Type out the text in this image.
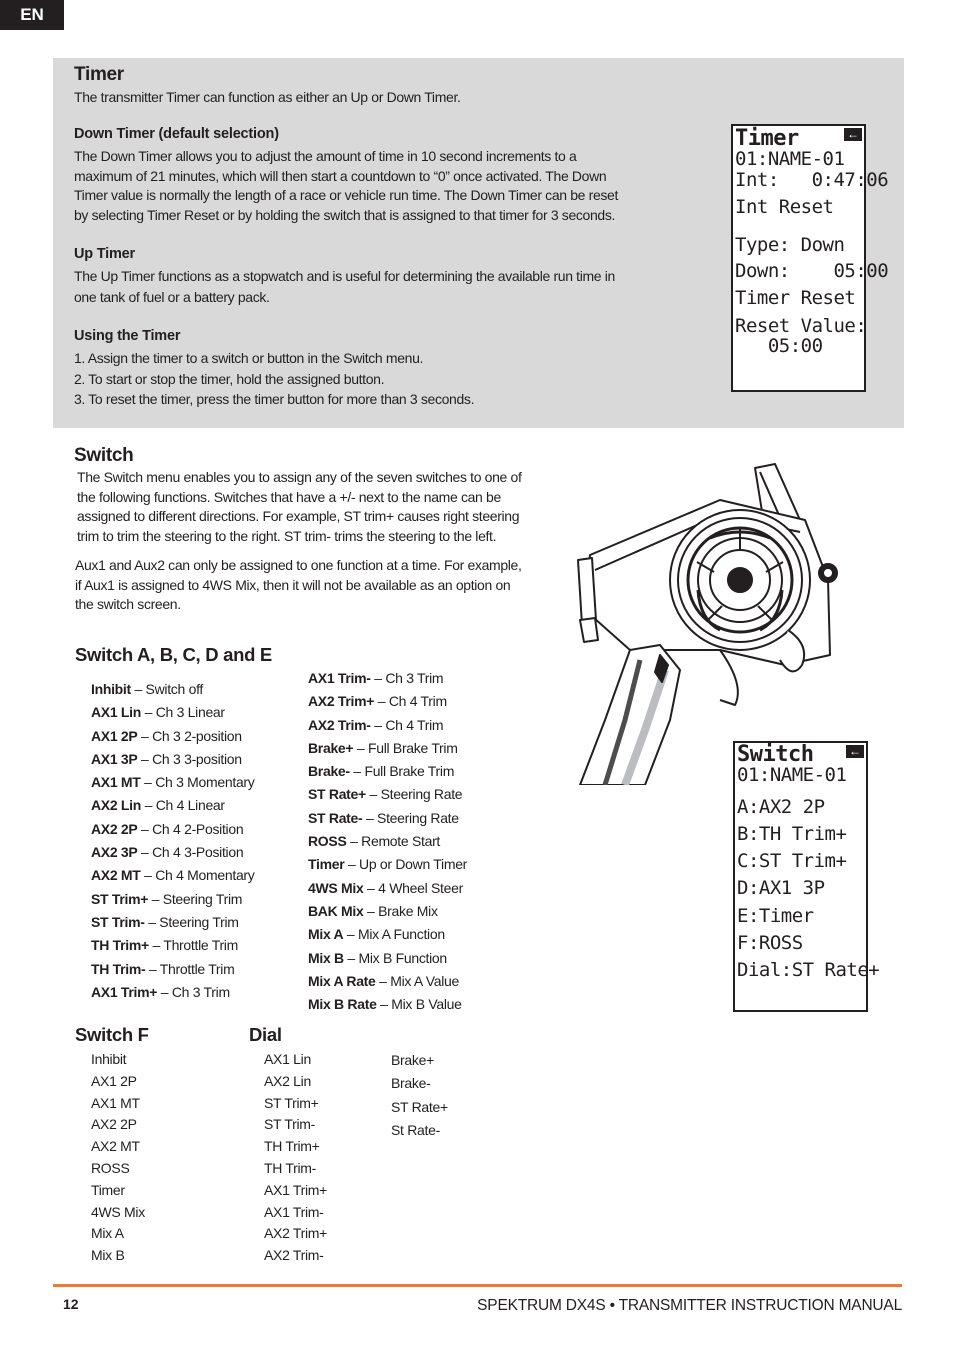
EN
Timer

The transmitter Timer can function as either an Up or Down Timer.

Down Timer (default selection)

The Down Timer allows you to adjust the amount of time in 10 second increments to a

maximum of 21 minutes, which will then start a countdown to “0” once activated. The Down

Timer value is normally the length of a race or vehicle run time. The Down Timer can be reset

by selecting Timer Reset or by holding the switch that is assigned to that timer for 3 seconds.

Up Timer

The Up Timer functions as a stopwatch and is useful for determining the available run time in

one tank of fuel or a battery pack.

Using the Timer

1. Assign the timer to a switch or button in the Switch menu.

2. To start or stop the timer, hold the assigned button.

3. To reset the timer, press the timer button for more than 3 seconds.

←
Timer
01:NAME-01
Int:   0:47:06
Int Reset
Type: Down
Down:    05:00
Timer Reset
Reset Value:
05:00
Switch

The Switch menu enables you to assign any of the seven switches to one of

the following functions. Switches that have a +/- next to the name can be

assigned to different directions. For example, ST trim+ causes right steering

trim to trim the steering to the right. ST trim- trims the steering to the left.

Aux1 and Aux2 can only be assigned to one function at a time. For example,

if Aux1 is assigned to 4WS Mix, then it will not be available as an option on

the switch screen.

Switch A, B, C, D and E
Inhibit – Switch off
AX1 Lin – Ch 3 Linear
AX1 2P – Ch 3 2-position
AX1 3P – Ch 3 3-position
AX1 MT – Ch 3 Momentary
AX2 Lin – Ch 4 Linear
AX2 2P – Ch 4 2-Position
AX2 3P – Ch 4 3-Position
AX2 MT – Ch 4 Momentary
ST Trim+ – Steering Trim
ST Trim- – Steering Trim
TH Trim+ – Throttle Trim
TH Trim- – Throttle Trim
AX1 Trim+ – Ch 3 Trim
AX1 Trim- – Ch 3 Trim
AX2 Trim+ – Ch 4 Trim
AX2 Trim- – Ch 4 Trim
Brake+ – Full Brake Trim
Brake- – Full Brake Trim
ST Rate+ – Steering Rate
ST Rate- – Steering Rate
ROSS – Remote Start
Timer – Up or Down Timer
4WS Mix – 4 Wheel Steer
BAK Mix – Brake Mix
Mix A – Mix A Function
Mix B – Mix B Function
Mix A Rate – Mix A Value
Mix B Rate – Mix B Value
←
Switch
01:NAME-01
A:AX2 2P
B:TH Trim+
C:ST Trim+
D:AX1 3P
E:Timer
F:ROSS
Dial:ST Rate+
Switch F	Dial
Inhibit
AX1 2P
AX1 MT
AX2 2P
AX2 MT
ROSS
Timer
4WS Mix
Mix A
Mix B
AX1 Lin
AX2 Lin
ST Trim+
ST Trim-
TH Trim+
TH Trim-
AX1 Trim+
AX1 Trim-
AX2 Trim+
AX2 Trim-
Brake+
Brake-
ST Rate+
St Rate-
12	SPEKTRUM DX4S • TRANSMITTER INSTRUCTION MANUAL
